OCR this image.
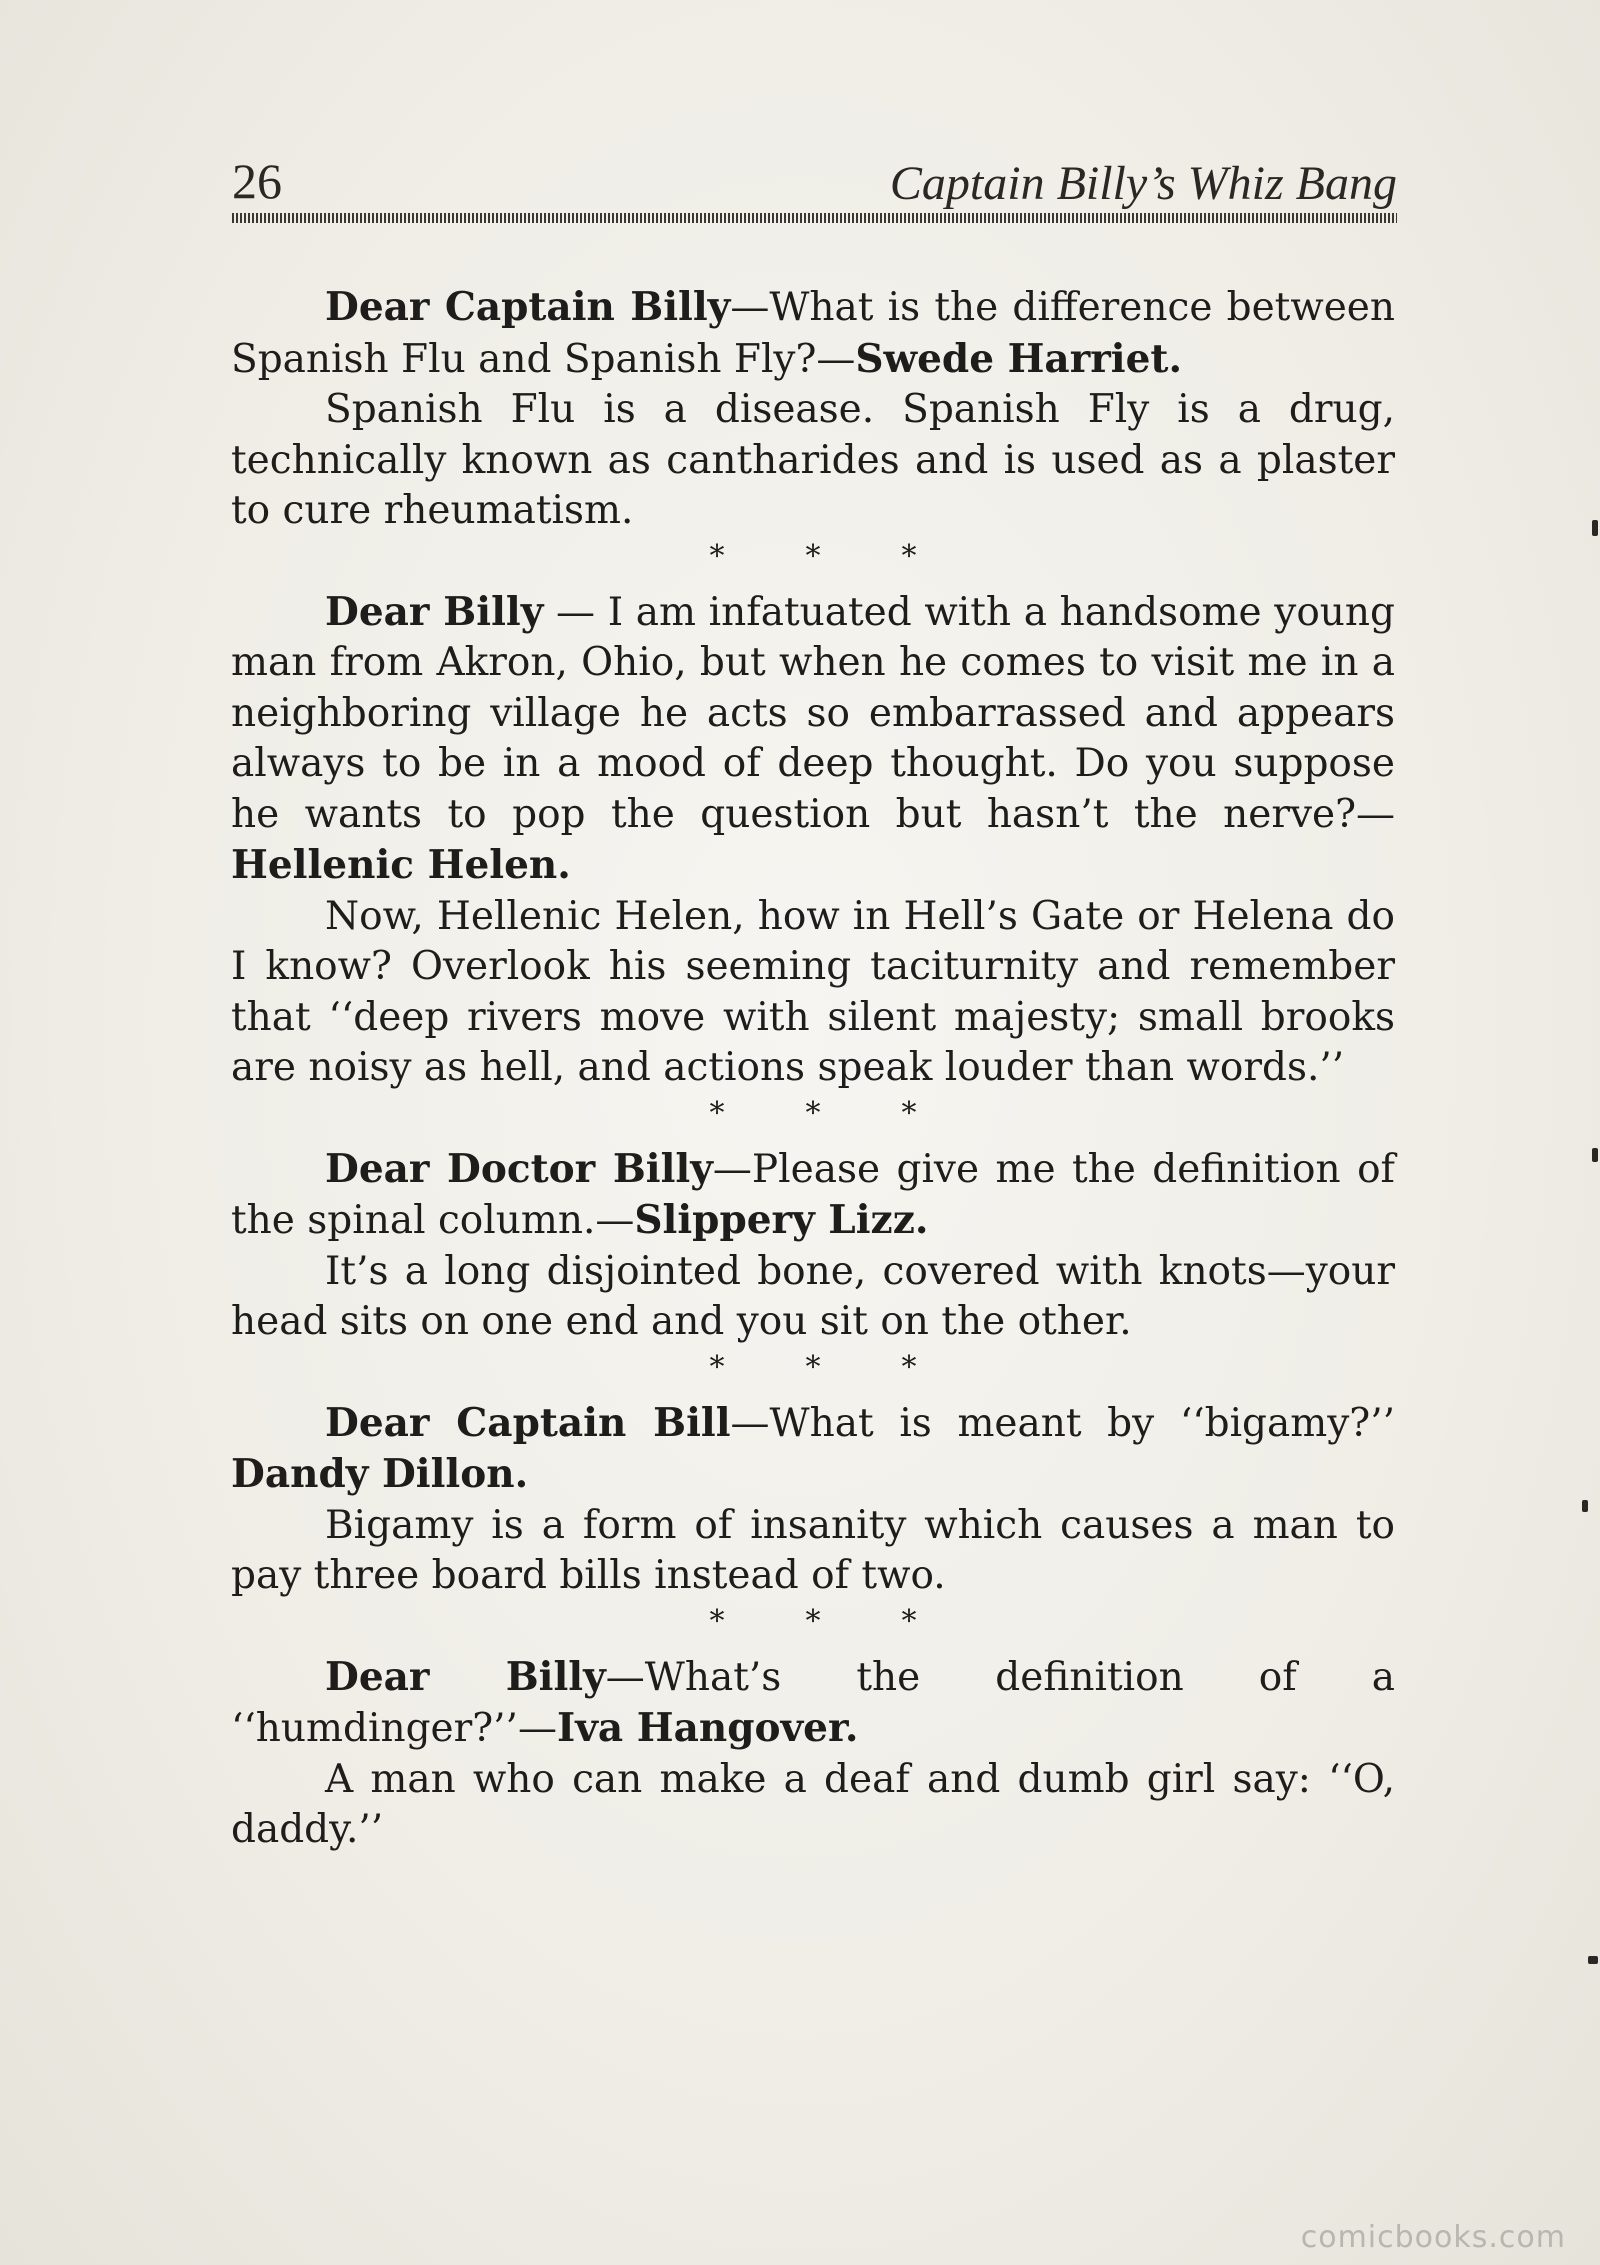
26	Captain Billy’s Whiz Bang

Dear Captain Billy—What is the difference between Spanish Flu and Spanish Fly?—Swede Harriet.

Spanish Flu is a disease. Spanish Fly is a drug, technically known as cantharides and is used as a plaster to cure rheumatism.

*	*	*

Dear Billy — I am infatuated with a handsome young man from Akron, Ohio, but when he comes to visit me in a neighboring village he acts so embarrassed and appears always to be in a mood of deep thought. Do you suppose he wants to pop the question but hasn’t the nerve?—Hellenic Helen.

Now, Hellenic Helen, how in Hell’s Gate or Helena do I know? Overlook his seeming taciturnity and remember that ‘‘deep rivers move with silent majesty; small brooks are noisy as hell, and actions speak louder than words.’’

*	*	*

Dear Doctor Billy—Please give me the definition of the spinal column.—Slippery Lizz.

It’s a long disjointed bone, covered with knots—your head sits on one end and you sit on the other.

*	*	*

Dear Captain Bill—What is meant by ‘‘bigamy?’’ Dandy Dillon.

Bigamy is a form of insanity which causes a man to pay three board bills instead of two.

*	*	*

Dear Billy—What’s the definition of a ‘‘humdinger?’’—Iva Hangover.

A man who can make a deaf and dumb girl say: ‘‘O, daddy.’’

comicbooks.com
